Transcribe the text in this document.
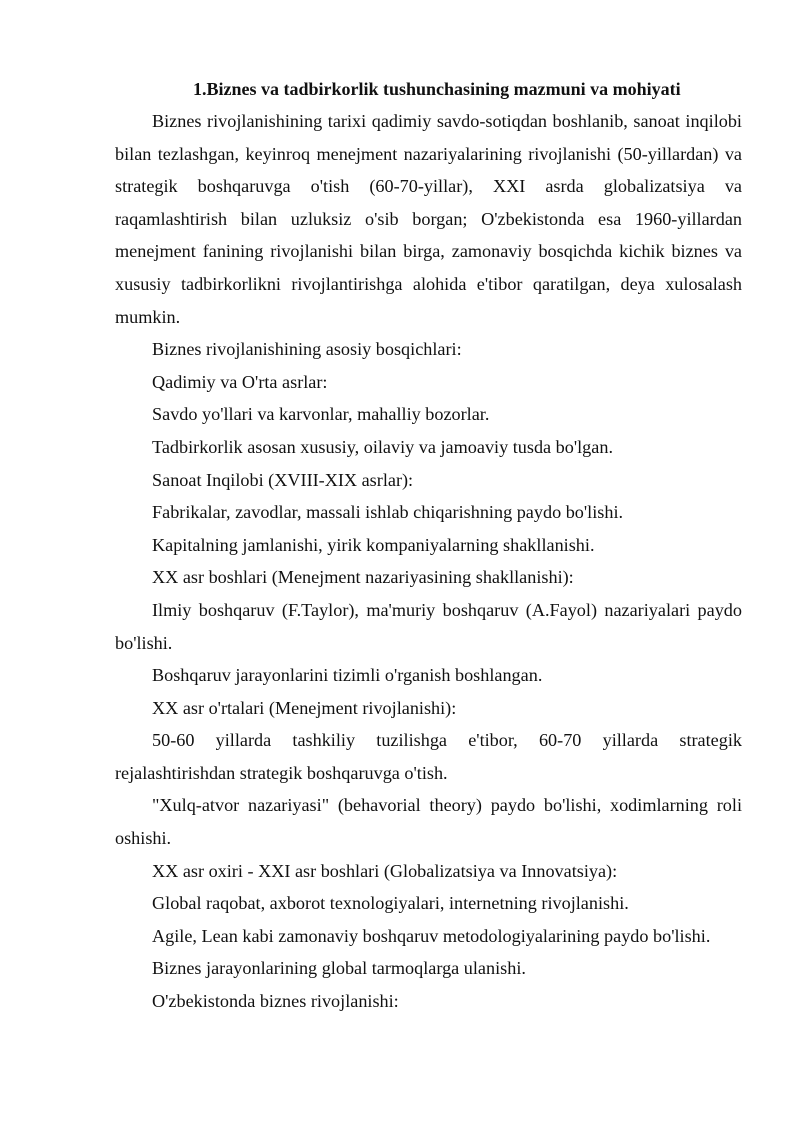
1.Biznes va tadbirkorlik tushunchasining mazmuni va mohiyati

Biznes rivojlanishining tarixi qadimiy savdo-sotiqdan boshlanib, sanoat inqilobi bilan tezlashgan, keyinroq menejment nazariyalarining rivojlanishi (50-yillardan) va strategik boshqaruvga o'tish (60-70-yillar), XXI asrda globalizatsiya va raqamlashtirish bilan uzluksiz o'sib borgan; O'zbekistonda esa 1960-yillardan menejment fanining rivojlanishi bilan birga, zamonaviy bosqichda kichik biznes va xususiy tadbirkorlikni rivojlantirishga alohida e'tibor qaratilgan, deya xulosalash mumkin.

Biznes rivojlanishining asosiy bosqichlari:

Qadimiy va O'rta asrlar:

Savdo yo'llari va karvonlar, mahalliy bozorlar.

Tadbirkorlik asosan xususiy, oilaviy va jamoaviy tusda bo'lgan.

Sanoat Inqilobi (XVIII-XIX asrlar):

Fabrikalar, zavodlar, massali ishlab chiqarishning paydo bo'lishi.

Kapitalning jamlanishi, yirik kompaniyalarning shakllanishi.

XX asr boshlari (Menejment nazariyasining shakllanishi):

Ilmiy boshqaruv (F.Taylor), ma'muriy boshqaruv (A.Fayol) nazariyalari paydo bo'lishi.

Boshqaruv jarayonlarini tizimli o'rganish boshlangan.

XX asr o'rtalari (Menejment rivojlanishi):

50-60 yillarda tashkiliy tuzilishga e'tibor, 60-70 yillarda strategik rejalashtirishdan strategik boshqaruvga o'tish.

"Xulq-atvor nazariyasi" (behavorial theory) paydo bo'lishi, xodimlarning roli oshishi.

XX asr oxiri - XXI asr boshlari (Globalizatsiya va Innovatsiya):

Global raqobat, axborot texnologiyalari, internetning rivojlanishi.

Agile, Lean kabi zamonaviy boshqaruv metodologiyalarining paydo bo'lishi.

Biznes jarayonlarining global tarmoqlarga ulanishi.

O'zbekistonda biznes rivojlanishi:
